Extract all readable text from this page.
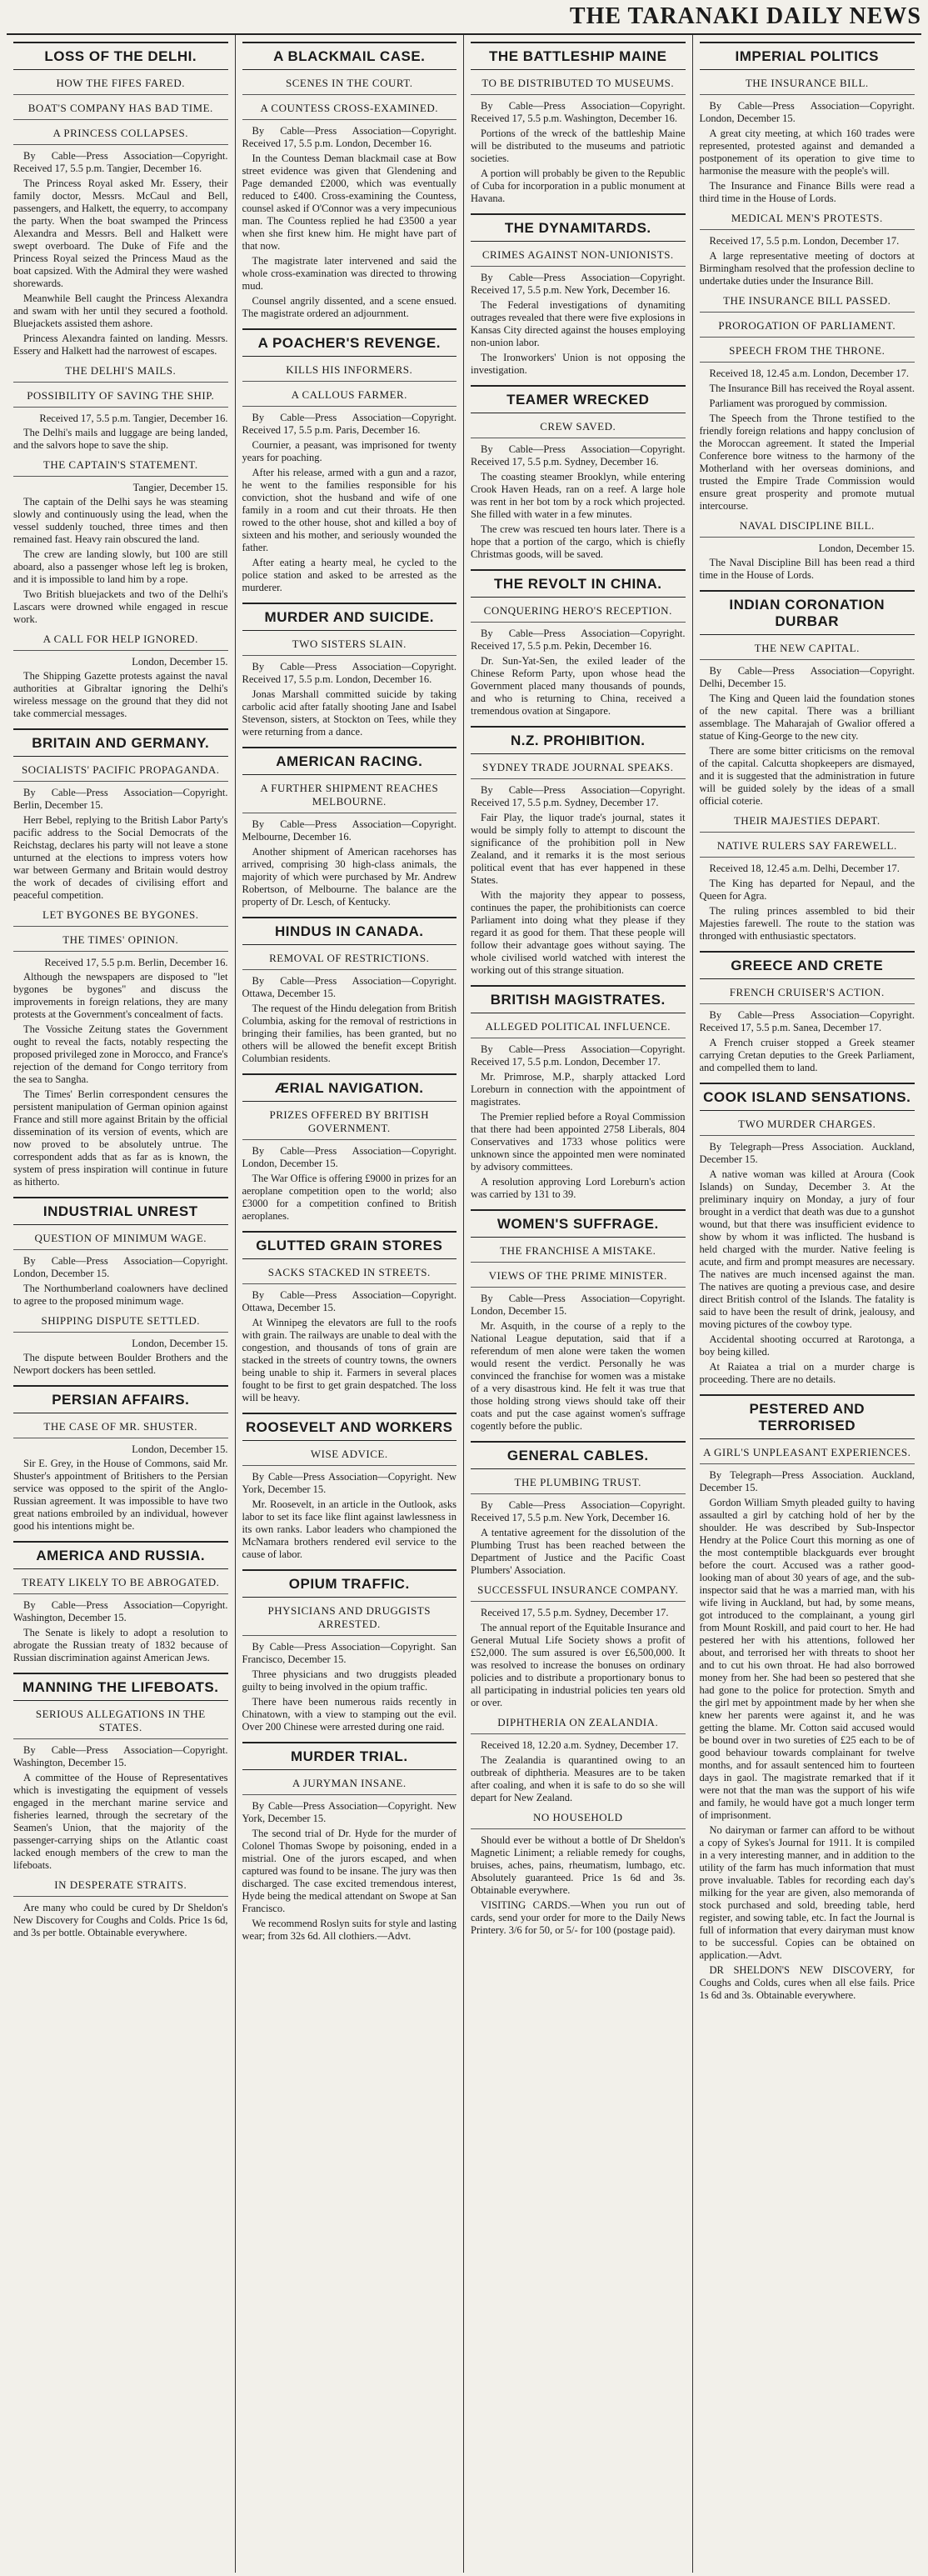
THE TARANAKI DAILY NEWS
LOSS OF THE DELHI.
HOW THE FIFES FARED.
BOAT'S COMPANY HAS BAD TIME.
A PRINCESS COLLAPSES.
By Cable—Press Association—Copyright. Received 17, 5.5 p.m. Tangier, December 16.
The Princess Royal asked Mr. Essery, their family doctor, Messrs. McCaul and Bell, passengers, and Halkett, the equerry, to accompany the party. When the boat swamped the Princess Alexandra and Messrs. Bell and Halkett were swept overboard. The Duke of Fife and the Princess Royal seized the Princess Maud as the boat capsized. With the Admiral they were washed shorewards.
Meanwhile Bell caught the Princess Alexandra and swam with her until they secured a foothold. Bluejackets assisted them ashore.
Princess Alexandra fainted on landing. Messrs. Essery and Halkett had the narrowest of escapes.
THE DELHI'S MAILS.
POSSIBILITY OF SAVING THE SHIP.
Received 17, 5.5 p.m. Tangier, December 16.
The Delhi's mails and luggage are being landed, and the salvors hope to save the ship.
THE CAPTAIN'S STATEMENT.
Tangier, December 15.
The captain of the Delhi says he was steaming slowly and continuously using the lead, when the vessel suddenly touched, three times and then remained fast. Heavy rain obscured the land.
The crew are landing slowly, but 100 are still aboard, also a passenger whose left leg is broken, and it is impossible to land him by a rope.
Two British bluejackets and two of the Delhi's Lascars were drowned while engaged in rescue work.
A CALL FOR HELP IGNORED.
London, December 15.
The Shipping Gazette protests against the naval authorities at Gibraltar ignoring the Delhi's wireless message on the ground that they did not take commercial messages.
BRITAIN AND GERMANY.
SOCIALISTS' PACIFIC PROPAGANDA.
By Cable—Press Association—Copyright. Berlin, December 15.
Herr Bebel, replying to the British Labor Party's pacific address to the Social Democrats of the Reichstag, declares his party will not leave a stone unturned at the elections to impress voters how war between Germany and Britain would destroy the work of decades of civilising effort and peaceful competition.
LET BYGONES BE BYGONES.
THE TIMES' OPINION.
Received 17, 5.5 p.m. Berlin, December 16.
Although the newspapers are disposed to "let bygones be bygones" and discuss the improvements in foreign relations, they are many protests at the Government's concealment of facts.
The Vossiche Zeitung states the Government ought to reveal the facts, notably respecting the proposed privileged zone in Morocco, and France's rejection of the demand for Congo territory from the sea to Sangha.
The Times' Berlin correspondent censures the persistent manipulation of German opinion against France and still more against Britain by the official dissemination of its version of events, which are now proved to be absolutely untrue. The correspondent adds that as far as is known, the system of press inspiration will continue in future as hitherto.
INDUSTRIAL UNREST
QUESTION OF MINIMUM WAGE.
By Cable—Press Association—Copyright. London, December 15.
The Northumberland coalowners have declined to agree to the proposed minimum wage.
SHIPPING DISPUTE SETTLED.
London, December 15.
The dispute between Boulder Brothers and the Newport dockers has been settled.
PERSIAN AFFAIRS.
THE CASE OF MR. SHUSTER.
London, December 15.
Sir E. Grey, in the House of Commons, said Mr. Shuster's appointment of Britishers to the Persian service was opposed to the spirit of the Anglo-Russian agreement. It was impossible to have two great nations embroiled by an individual, however good his intentions might be.
AMERICA AND RUSSIA.
TREATY LIKELY TO BE ABROGATED.
By Cable—Press Association—Copyright. Washington, December 15.
The Senate is likely to adopt a resolution to abrogate the Russian treaty of 1832 because of Russian discrimination against American Jews.
MANNING THE LIFEBOATS.
SERIOUS ALLEGATIONS IN THE STATES.
By Cable—Press Association—Copyright. Washington, December 15.
A committee of the House of Representatives which is investigating the equipment of vessels engaged in the merchant marine service and fisheries learned, through the secretary of the Seamen's Union, that the majority of the passenger-carrying ships on the Atlantic coast lacked enough members of the crew to man the lifeboats.
IN DESPERATE STRAITS.
Are many who could be cured by Dr Sheldon's New Discovery for Coughs and Colds. Price 1s 6d, and 3s per bottle. Obtainable everywhere.
A BLACKMAIL CASE.
SCENES IN THE COURT.
A COUNTESS CROSS-EXAMINED.
By Cable—Press Association—Copyright. Received 17, 5.5 p.m. London, December 16.
In the Countess Deman blackmail case at Bow street evidence was given that Glendening and Page demanded £2000, which was eventually reduced to £400. Cross-examining the Countess, counsel asked if O'Connor was a very impecunious man. The Countess replied he had £3500 a year when she first knew him. He might have part of that now.
The magistrate later intervened and said the whole cross-examination was directed to throwing mud.
Counsel angrily dissented, and a scene ensued. The magistrate ordered an adjournment.
A POACHER'S REVENGE.
KILLS HIS INFORMERS.
A CALLOUS FARMER.
By Cable—Press Association—Copyright. Received 17, 5.5 p.m. Paris, December 16.
Cournier, a peasant, was imprisoned for twenty years for poaching.
After his release, armed with a gun and a razor, he went to the families responsible for his conviction, shot the husband and wife of one family in a room and cut their throats. He then rowed to the other house, shot and killed a boy of sixteen and his mother, and seriously wounded the father.
After eating a hearty meal, he cycled to the police station and asked to be arrested as the murderer.
MURDER AND SUICIDE.
TWO SISTERS SLAIN.
By Cable—Press Association—Copyright. Received 17, 5.5 p.m. London, December 16.
Jonas Marshall committed suicide by taking carbolic acid after fatally shooting Jane and Isabel Stevenson, sisters, at Stockton on Tees, while they were returning from a dance.
AMERICAN RACING.
A FURTHER SHIPMENT REACHES MELBOURNE.
By Cable—Press Association—Copyright. Melbourne, December 16.
Another shipment of American racehorses has arrived, comprising 30 high-class animals, the majority of which were purchased by Mr. Andrew Robertson, of Melbourne. The balance are the property of Dr. Lesch, of Kentucky.
HINDUS IN CANADA.
REMOVAL OF RESTRICTIONS.
By Cable—Press Association—Copyright. Ottawa, December 15.
The request of the Hindu delegation from British Columbia, asking for the removal of restrictions in bringing their families, has been granted, but no others will be allowed the benefit except British Columbian residents.
ÆRIAL NAVIGATION.
PRIZES OFFERED BY BRITISH GOVERNMENT.
By Cable—Press Association—Copyright. London, December 15.
The War Office is offering £9000 in prizes for an aeroplane competition open to the world; also £3000 for a competition confined to British aeroplanes.
GLUTTED GRAIN STORES
SACKS STACKED IN STREETS.
By Cable—Press Association—Copyright. Ottawa, December 15.
At Winnipeg the elevators are full to the roofs with grain. The railways are unable to deal with the congestion, and thousands of tons of grain are stacked in the streets of country towns, the owners being unable to ship it. Farmers in several places fought to be first to get grain despatched. The loss will be heavy.
ROOSEVELT AND WORKERS
WISE ADVICE.
By Cable—Press Association—Copyright. New York, December 15.
Mr. Roosevelt, in an article in the Outlook, asks labor to set its face like flint against lawlessness in its own ranks. Labor leaders who championed the McNamara brothers rendered evil service to the cause of labor.
OPIUM TRAFFIC.
PHYSICIANS AND DRUGGISTS ARRESTED.
By Cable—Press Association—Copyright. San Francisco, December 15.
Three physicians and two druggists pleaded guilty to being involved in the opium traffic.
There have been numerous raids recently in Chinatown, with a view to stamping out the evil. Over 200 Chinese were arrested during one raid.
MURDER TRIAL.
A JURYMAN INSANE.
By Cable—Press Association—Copyright. New York, December 15.
The second trial of Dr. Hyde for the murder of Colonel Thomas Swope by poisoning, ended in a mistrial. One of the jurors escaped, and when captured was found to be insane. The jury was then discharged. The case excited tremendous interest, Hyde being the medical attendant on Swope at San Francisco.
We recommend Roslyn suits for style and lasting wear; from 32s 6d. All clothiers.—Advt.
THE BATTLESHIP MAINE
TO BE DISTRIBUTED TO MUSEUMS.
By Cable—Press Association—Copyright. Received 17, 5.5 p.m. Washington, December 16.
Portions of the wreck of the battleship Maine will be distributed to the museums and patriotic societies.
A portion will probably be given to the Republic of Cuba for incorporation in a public monument at Havana.
THE DYNAMITARDS.
CRIMES AGAINST NON-UNIONISTS.
By Cable—Press Association—Copyright. Received 17, 5.5 p.m. New York, December 16.
The Federal investigations of dynamiting outrages revealed that there were five explosions in Kansas City directed against the houses employing non-union labor.
The Ironworkers' Union is not opposing the investigation.
TEAMER WRECKED
CREW SAVED.
By Cable—Press Association—Copyright. Received 17, 5.5 p.m. Sydney, December 16.
The coasting steamer Brooklyn, while entering Crook Haven Heads, ran on a reef. A large hole was rent in her bot tom by a rock which projected. She filled with water in a few minutes.
The crew was rescued ten hours later. There is a hope that a portion of the cargo, which is chiefly Christmas goods, will be saved.
THE REVOLT IN CHINA.
CONQUERING HERO'S RECEPTION.
By Cable—Press Association—Copyright. Received 17, 5.5 p.m. Pekin, December 16.
Dr. Sun-Yat-Sen, the exiled leader of the Chinese Reform Party, upon whose head the Government placed many thousands of pounds, and who is returning to China, received a tremendous ovation at Singapore.
N.Z. PROHIBITION.
SYDNEY TRADE JOURNAL SPEAKS.
By Cable—Press Association—Copyright. Received 17, 5.5 p.m. Sydney, December 17.
Fair Play, the liquor trade's journal, states it would be simply folly to attempt to discount the significance of the prohibition poll in New Zealand, and it remarks it is the most serious political event that has ever happened in these States.
With the majority they appear to possess, continues the paper, the prohibitionists can coerce Parliament into doing what they please if they regard it as good for them. That these people will follow their advantage goes without saying. The whole civilised world watched with interest the working out of this strange situation.
BRITISH MAGISTRATES.
ALLEGED POLITICAL INFLUENCE.
By Cable—Press Association—Copyright. Received 17, 5.5 p.m. London, December 17.
Mr. Primrose, M.P., sharply attacked Lord Loreburn in connection with the appointment of magistrates.
The Premier replied before a Royal Commission that there had been appointed 2758 Liberals, 804 Conservatives and 1733 whose politics were unknown since the appointed men were nominated by advisory committees.
A resolution approving Lord Loreburn's action was carried by 131 to 39.
WOMEN'S SUFFRAGE.
THE FRANCHISE A MISTAKE.
VIEWS OF THE PRIME MINISTER.
By Cable—Press Association—Copyright. London, December 15.
Mr. Asquith, in the course of a reply to the National League deputation, said that if a referendum of men alone were taken the women would resent the verdict. Personally he was convinced the franchise for women was a mistake of a very disastrous kind. He felt it was true that those holding strong views should take off their coats and put the case against women's suffrage cogently before the public.
GENERAL CABLES.
THE PLUMBING TRUST.
By Cable—Press Association—Copyright. Received 17, 5.5 p.m. New York, December 16.
A tentative agreement for the dissolution of the Plumbing Trust has been reached between the Department of Justice and the Pacific Coast Plumbers' Association.
SUCCESSFUL INSURANCE COMPANY.
Received 17, 5.5 p.m. Sydney, December 17.
The annual report of the Equitable Insurance and General Mutual Life Society shows a profit of £52,000. The sum assured is over £6,500,000. It was resolved to increase the bonuses on ordinary policies and to distribute a proportionary bonus to all participating in industrial policies ten years old or over.
DIPHTHERIA ON ZEALANDIA.
Received 18, 12.20 a.m. Sydney, December 17.
The Zealandia is quarantined owing to an outbreak of diphtheria. Measures are to be taken after coaling, and when it is safe to do so she will depart for New Zealand.
NO HOUSEHOLD
Should ever be without a bottle of Dr Sheldon's Magnetic Liniment; a reliable remedy for coughs, bruises, aches, pains, rheumatism, lumbago, etc. Absolutely guaranteed. Price 1s 6d and 3s. Obtainable everywhere.
VISITING CARDS.—When you run out of cards, send your order for more to the Daily News Printery. 3/6 for 50, or 5/- for 100 (postage paid).
IMPERIAL POLITICS
THE INSURANCE BILL.
By Cable—Press Association—Copyright. London, December 15.
A great city meeting, at which 160 trades were represented, protested against and demanded a postponement of its operation to give time to harmonise the measure with the people's will.
The Insurance and Finance Bills were read a third time in the House of Lords.
MEDICAL MEN'S PROTESTS.
Received 17, 5.5 p.m. London, December 17.
A large representative meeting of doctors at Birmingham resolved that the profession decline to undertake duties under the Insurance Bill.
THE INSURANCE BILL PASSED.
PROROGATION OF PARLIAMENT.
SPEECH FROM THE THRONE.
Received 18, 12.45 a.m. London, December 17.
The Insurance Bill has received the Royal assent.
Parliament was prorogued by commission.
The Speech from the Throne testified to the friendly foreign relations and happy conclusion of the Moroccan agreement. It stated the Imperial Conference bore witness to the harmony of the Motherland with her overseas dominions, and trusted the Empire Trade Commission would ensure great prosperity and promote mutual intercourse.
NAVAL DISCIPLINE BILL.
London, December 15.
The Naval Discipline Bill has been read a third time in the House of Lords.
INDIAN CORONATION DURBAR
THE NEW CAPITAL.
By Cable—Press Association—Copyright. Delhi, December 15.
The King and Queen laid the foundation stones of the new capital. There was a brilliant assemblage. The Maharajah of Gwalior offered a statue of King-George to the new city.
There are some bitter criticisms on the removal of the capital. Calcutta shopkeepers are dismayed, and it is suggested that the administration in future will be guided solely by the ideas of a small official coterie.
THEIR MAJESTIES DEPART.
NATIVE RULERS SAY FAREWELL.
Received 18, 12.45 a.m. Delhi, December 17.
The King has departed for Nepaul, and the Queen for Agra.
The ruling princes assembled to bid their Majesties farewell. The route to the station was thronged with enthusiastic spectators.
GREECE AND CRETE
FRENCH CRUISER'S ACTION.
By Cable—Press Association—Copyright. Received 17, 5.5 p.m. Sanea, December 17.
A French cruiser stopped a Greek steamer carrying Cretan deputies to the Greek Parliament, and compelled them to land.
COOK ISLAND SENSATIONS.
TWO MURDER CHARGES.
By Telegraph—Press Association. Auckland, December 15.
A native woman was killed at Aroura (Cook Islands) on Sunday, December 3. At the preliminary inquiry on Monday, a jury of four brought in a verdict that death was due to a gunshot wound, but that there was insufficient evidence to show by whom it was inflicted. The husband is held charged with the murder. Native feeling is acute, and firm and prompt measures are necessary. The natives are much incensed against the man. The natives are quoting a previous case, and desire direct British control of the Islands. The fatality is said to have been the result of drink, jealousy, and moving pictures of the cowboy type.
Accidental shooting occurred at Rarotonga, a boy being killed.
At Raiatea a trial on a murder charge is proceeding. There are no details.
PESTERED AND TERRORISED
A GIRL'S UNPLEASANT EXPERIENCES.
By Telegraph—Press Association. Auckland, December 15.
Gordon William Smyth pleaded guilty to having assaulted a girl by catching hold of her by the shoulder. He was described by Sub-Inspector Hendry at the Police Court this morning as one of the most contemptible blackguards ever brought before the court. Accused was a rather good-looking man of about 30 years of age, and the sub-inspector said that he was a married man, with his wife living in Auckland, but had, by some means, got introduced to the complainant, a young girl from Mount Roskill, and paid court to her. He had pestered her with his attentions, followed her about, and terrorised her with threats to shoot her and to cut his own throat. He had also borrowed money from her. She had been so pestered that she had gone to the police for protection. Smyth and the girl met by appointment made by her when she knew her parents were against it, and he was getting the blame. Mr. Cotton said accused would be bound over in two sureties of £25 each to be of good behaviour towards complainant for twelve months, and for assault sentenced him to fourteen days in gaol. The magistrate remarked that if it were not that the man was the support of his wife and family, he would have got a much longer term of imprisonment.
No dairyman or farmer can afford to be without a copy of Sykes's Journal for 1911. It is compiled in a very interesting manner, and in addition to the utility of the farm has much information that must prove invaluable. Tables for recording each day's milking for the year are given, also memoranda of stock purchased and sold, breeding table, herd register, and sowing table, etc. In fact the Journal is full of information that every dairyman must know to be successful. Copies can be obtained on application.—Advt.
DR SHELDON'S NEW DISCOVERY, for Coughs and Colds, cures when all else fails. Price 1s 6d and 3s. Obtainable everywhere.
